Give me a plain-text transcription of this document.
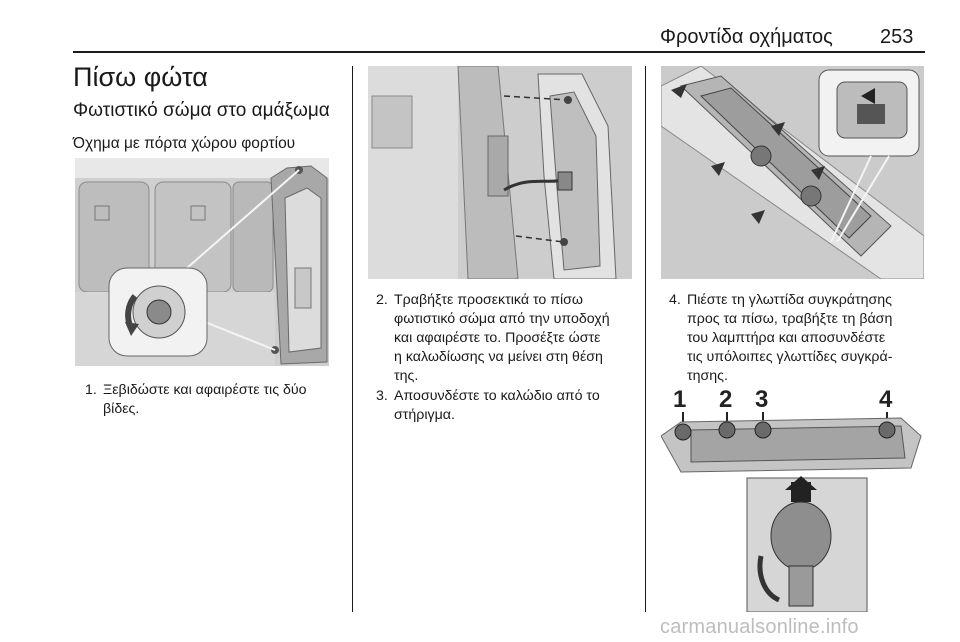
Φροντίδα οχήματος 253
Πίσω φώτα
Φωτιστικό σώμα στο αμάξωμα
Όχημα με πόρτα χώρου φορτίου
1 2 3	4
1. Ξεβιδώστε και αφαιρέστε τις δύο
βίδες.
2. Τραβήξτε προσεκτικά το πίσω
φωτιστικό σώμα από την υποδοχή
και αφαιρέστε το. Προσέξτε ώστε
η καλωδίωσης να μείνει στη θέση
της.
3. Αποσυνδέστε το καλώδιο από το
στήριγμα.
4. Πιέστε τη γλωττίδα συγκράτησης
προς τα πίσω, τραβήξτε τη βάση
του λαμπτήρα και αποσυνδέστε
τις υπόλοιπες γλωττίδες συγκρά-
τησης.
carmanualsonline.info
